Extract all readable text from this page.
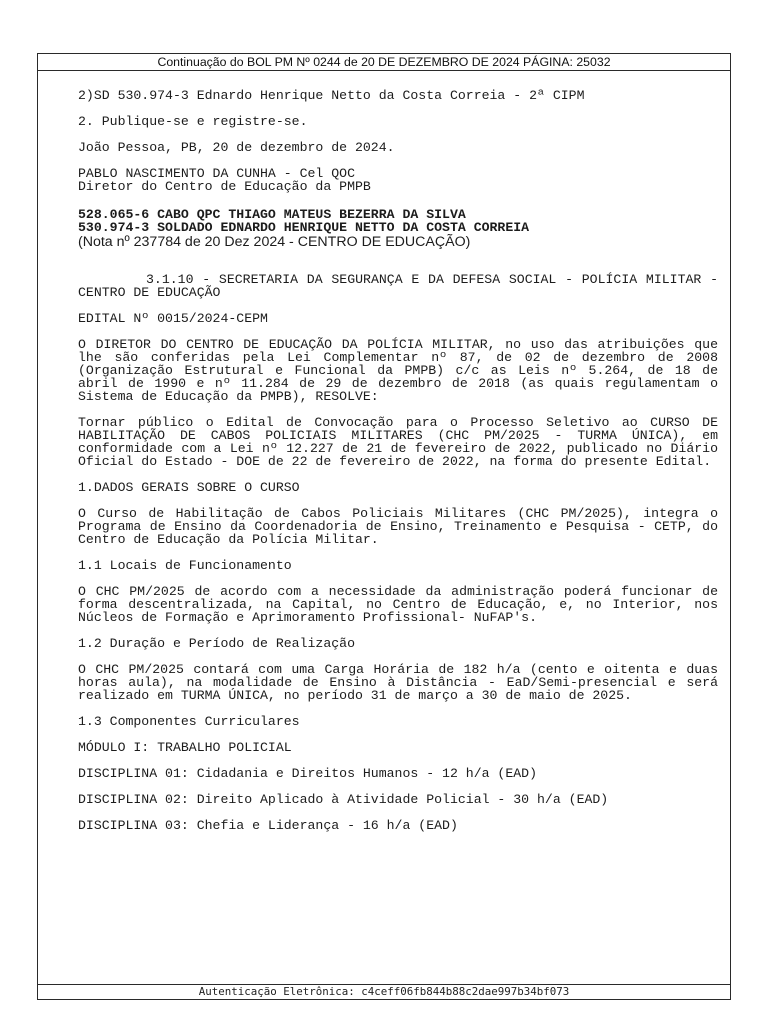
Continuação do BOL PM Nº 0244 de 20 DE DEZEMBRO DE 2024 PÁGINA: 25032

2)SD 530.974-3 Ednardo Henrique Netto da Costa Correia - 2ª CIPM

2. Publique-se e registre-se.

João Pessoa, PB, 20 de dezembro de 2024.

PABLO NASCIMENTO DA CUNHA - Cel QOC

Diretor do Centro de Educação da PMPB

528.065-6 CABO QPC THIAGO MATEUS BEZERRA DA SILVA

530.974-3 SOLDADO EDNARDO HENRIQUE NETTO DA COSTA CORREIA

(Nota nº 237784 de 20 Dez 2024 - CENTRO DE EDUCAÇÃO)

3.1.10 - SECRETARIA DA SEGURANÇA E DA DEFESA SOCIAL - POLÍCIA MILITAR - CENTRO DE EDUCAÇÃO

EDITAL Nº 0015/2024-CEPM

O DIRETOR DO CENTRO DE EDUCAÇÃO DA POLÍCIA MILITAR, no uso das atribuições que lhe são conferidas pela Lei Complementar nº 87, de 02 de dezembro de 2008 (Organização Estrutural e Funcional da PMPB) c/c as Leis nº 5.264, de 18 de abril de 1990 e nº 11.284 de 29 de dezembro de 2018 (as quais regulamentam o Sistema de Educação da PMPB), RESOLVE:

Tornar público o Edital de Convocação para o Processo Seletivo ao CURSO DE HABILITAÇÃO DE CABOS POLICIAIS MILITARES (CHC PM/2025 - TURMA ÚNICA), em conformidade com a Lei nº 12.227 de 21 de fevereiro de 2022, publicado no Diário Oficial do Estado - DOE de 22 de fevereiro de 2022, na forma do presente Edital.

1.DADOS GERAIS SOBRE O CURSO

O Curso de Habilitação de Cabos Policiais Militares (CHC PM/2025), integra o Programa de Ensino da Coordenadoria de Ensino, Treinamento e Pesquisa - CETP, do Centro de Educação da Polícia Militar.

1.1 Locais de Funcionamento

O CHC PM/2025 de acordo com a necessidade da administração poderá funcionar de forma descentralizada, na Capital, no Centro de Educação, e, no Interior, nos Núcleos de Formação e Aprimoramento Profissional- NuFAP's.

1.2 Duração e Período de Realização

O CHC PM/2025 contará com uma Carga Horária de 182 h/a (cento e oitenta e duas horas aula), na modalidade de Ensino à Distância - EaD/Semi-presencial e será realizado em TURMA ÚNICA, no período 31 de março a 30 de maio de 2025.

1.3 Componentes Curriculares

MÓDULO I: TRABALHO POLICIAL

DISCIPLINA 01: Cidadania e Direitos Humanos - 12 h/a (EAD)

DISCIPLINA 02: Direito Aplicado à Atividade Policial - 30 h/a (EAD)

DISCIPLINA 03: Chefia e Liderança - 16 h/a (EAD)

Autenticação Eletrônica: c4ceff06fb844b88c2dae997b34bf073
